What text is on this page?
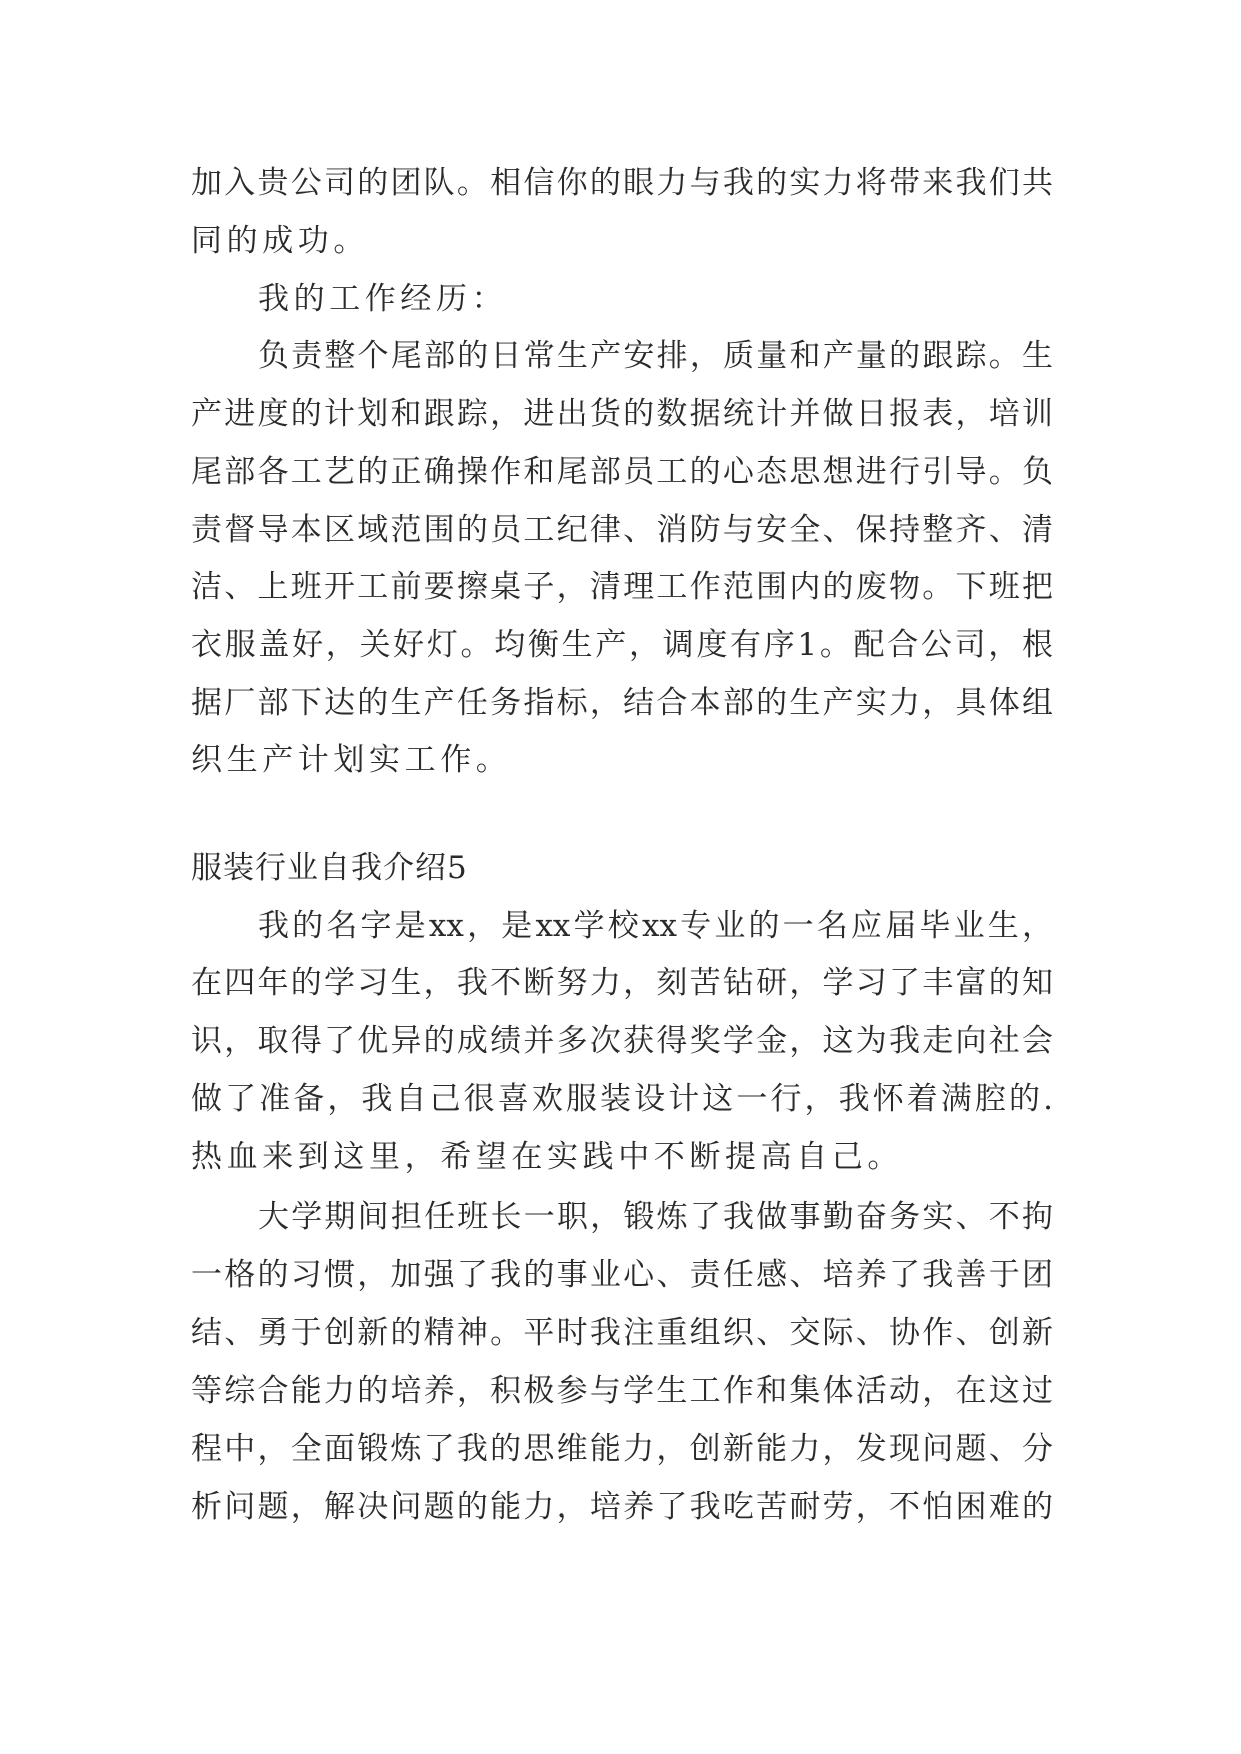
加入贵公司的团队。相信你的眼力与我的实力将带来我们共
同的成功。
我的工作经历：
负责整个尾部的日常生产安排，质量和产量的跟踪。生
产进度的计划和跟踪，进出货的数据统计并做日报表，培训
尾部各工艺的正确操作和尾部员工的心态思想进行引导。负
责督导本区域范围的员工纪律、消防与安全、保持整齐、清
洁、上班开工前要擦桌子，清理工作范围内的废物。下班把
衣服盖好，关好灯。均衡生产，调度有序1。配合公司，根
据厂部下达的生产任务指标，结合本部的生产实力，具体组
织生产计划实工作。
服装行业自我介绍5
我的名字是xx，是xx学校xx专业的一名应届毕业生，
在四年的学习生，我不断努力，刻苦钻研，学习了丰富的知
识，取得了优异的成绩并多次获得奖学金，这为我走向社会
做了准备，我自己很喜欢服装设计这一行，我怀着满腔的.
热血来到这里，希望在实践中不断提高自己。
大学期间担任班长一职，锻炼了我做事勤奋务实、不拘
一格的习惯，加强了我的事业心、责任感、培养了我善于团
结、勇于创新的精神。平时我注重组织、交际、协作、创新
等综合能力的培养，积极参与学生工作和集体活动，在这过
程中，全面锻炼了我的思维能力，创新能力，发现问题、分
析问题，解决问题的能力，培养了我吃苦耐劳，不怕困难的
